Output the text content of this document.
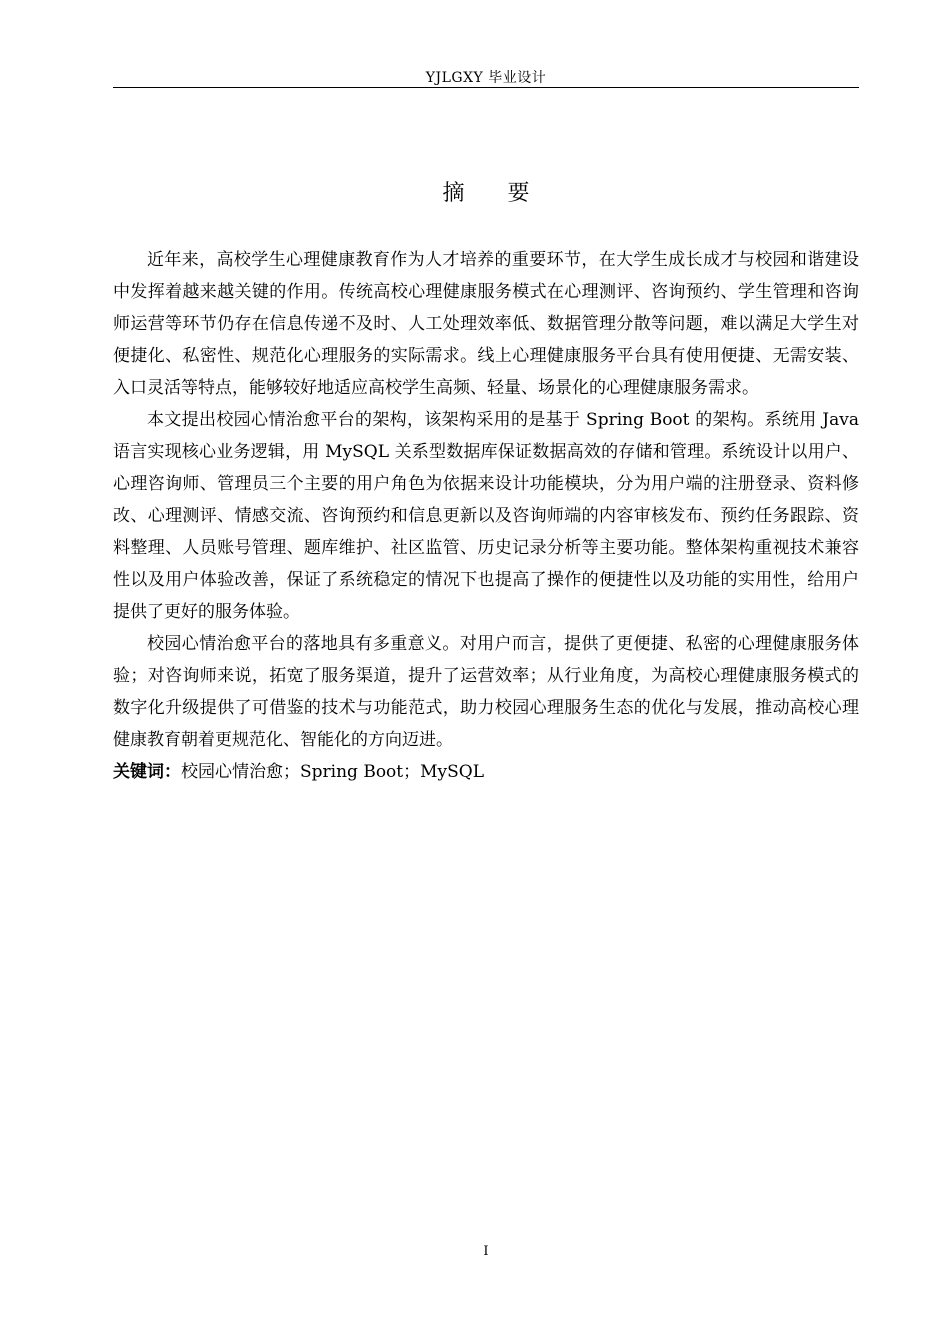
YJLGXY 毕业设计
摘 要

近年来，高校学生心理健康教育作为人才培养的重要环节，在大学生成长成才与校园和谐建设中发挥着越来越关键的作用。传统高校心理健康服务模式在心理测评、咨询预约、学生管理和咨询师运营等环节仍存在信息传递不及时、人工处理效率低、数据管理分散等问题，难以满足大学生对便捷化、私密性、规范化心理服务的实际需求。线上心理健康服务平台具有使用便捷、无需安装、入口灵活等特点，能够较好地适应高校学生高频、轻量、场景化的心理健康服务需求。

本文提出校园心情治愈平台的架构，该架构采用的是基于 Spring Boot 的架构。系统用 Java 语言实现核心业务逻辑，用 MySQL 关系型数据库保证数据高效的存储和管理。系统设计以用户、心理咨询师、管理员三个主要的用户角色为依据来设计功能模块，分为用户端的注册登录、资料修改、心理测评、情感交流、咨询预约和信息更新以及咨询师端的内容审核发布、预约任务跟踪、资料整理、人员账号管理、题库维护、社区监管、历史记录分析等主要功能。整体架构重视技术兼容性以及用户体验改善，保证了系统稳定的情况下也提高了操作的便捷性以及功能的实用性，给用户提供了更好的服务体验。

校园心情治愈平台的落地具有多重意义。对用户而言，提供了更便捷、私密的心理健康服务体验；对咨询师来说，拓宽了服务渠道，提升了运营效率；从行业角度，为高校心理健康服务模式的数字化升级提供了可借鉴的技术与功能范式，助力校园心理服务生态的优化与发展，推动高校心理健康教育朝着更规范化、智能化的方向迈进。

关键词：校园心情治愈；Spring Boot；MySQL

I
